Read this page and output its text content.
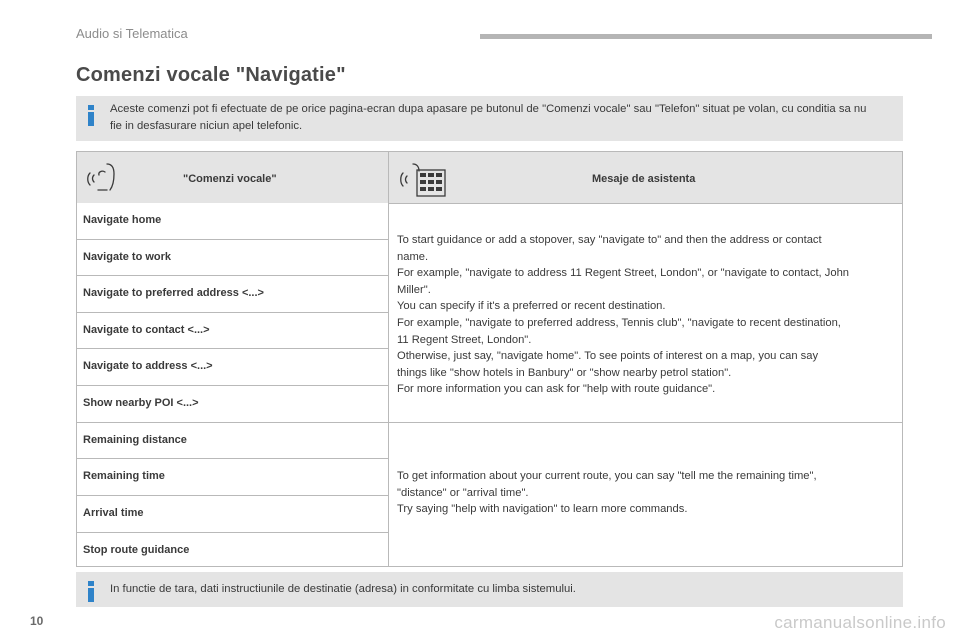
Audio si Telematica
Comenzi vocale "Navigatie"
Aceste comenzi pot fi efectuate de pe orice pagina-ecran dupa apasare pe butonul de "Comenzi vocale" sau "Telefon" situat pe volan, cu conditia sa nu fie in desfasurare niciun apel telefonic.
"Comenzi vocale"	Mesaje de asistenta
Navigate home
Navigate to work
Navigate to preferred address <...>
Navigate to contact <...>
Navigate to address <...>
Show nearby POI <...>
Remaining distance
Remaining time
Arrival time
Stop route guidance
To start guidance or add a stopover, say "navigate to" and then the address or contact
name.
For example, "navigate to address 11 Regent Street, London", or "navigate to contact, John
Miller".
You can specify if it's a preferred or recent destination.
For example, "navigate to preferred address, Tennis club", "navigate to recent destination,
11 Regent Street, London".
Otherwise, just say, "navigate home". To see points of interest on a map, you can say
things like "show hotels in Banbury" or "show nearby petrol station".
For more information you can ask for "help with route guidance".
To get information about your current route, you can say "tell me the remaining time",
"distance" or "arrival time".
Try saying "help with navigation" to learn more commands.
In functie de tara, dati instructiunile de destinatie (adresa) in conformitate cu limba sistemului.
10	carmanualsonline.info
